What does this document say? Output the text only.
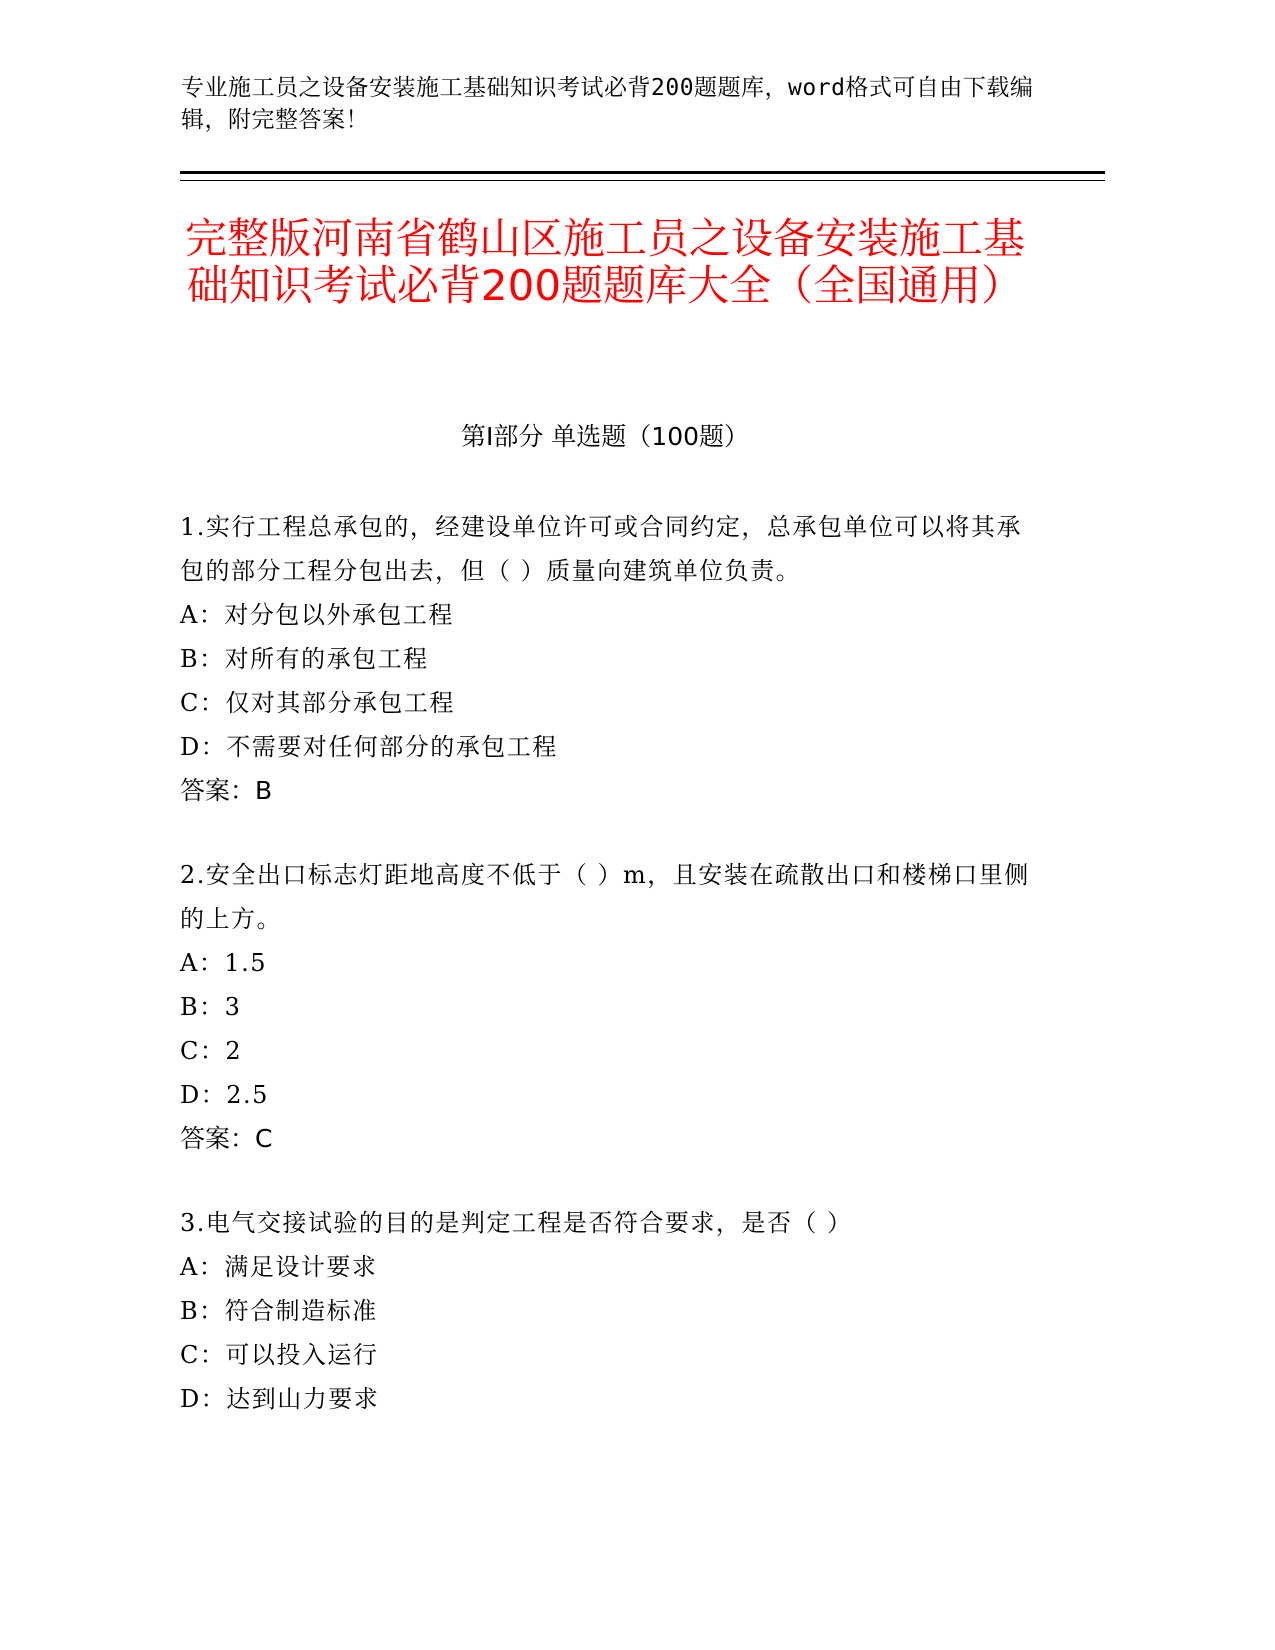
专业施工员之设备安装施工基础知识考试必背200题题库，word格式可自由下载编辑，附完整答案！
完整版河南省鹤山区施工员之设备安装施工基础知识考试必背200题题库大全（全国通用）
第Ⅰ部分 单选题（100题）
1.实行工程总承包的，经建设单位许可或合同约定，总承包单位可以将其承包的部分工程分包出去，但（ ）质量向建筑单位负责。
A：对分包以外承包工程
B：对所有的承包工程
C：仅对其部分承包工程
D：不需要对任何部分的承包工程
答案：B
2.安全出口标志灯距地高度不低于（ ）m，且安装在疏散出口和楼梯口里侧的上方。
A：1.5
B：3
C：2
D：2.5
答案：C
3.电气交接试验的目的是判定工程是否符合要求，是否（ ）
A：满足设计要求
B：符合制造标准
C：可以投入运行
D：达到山力要求
